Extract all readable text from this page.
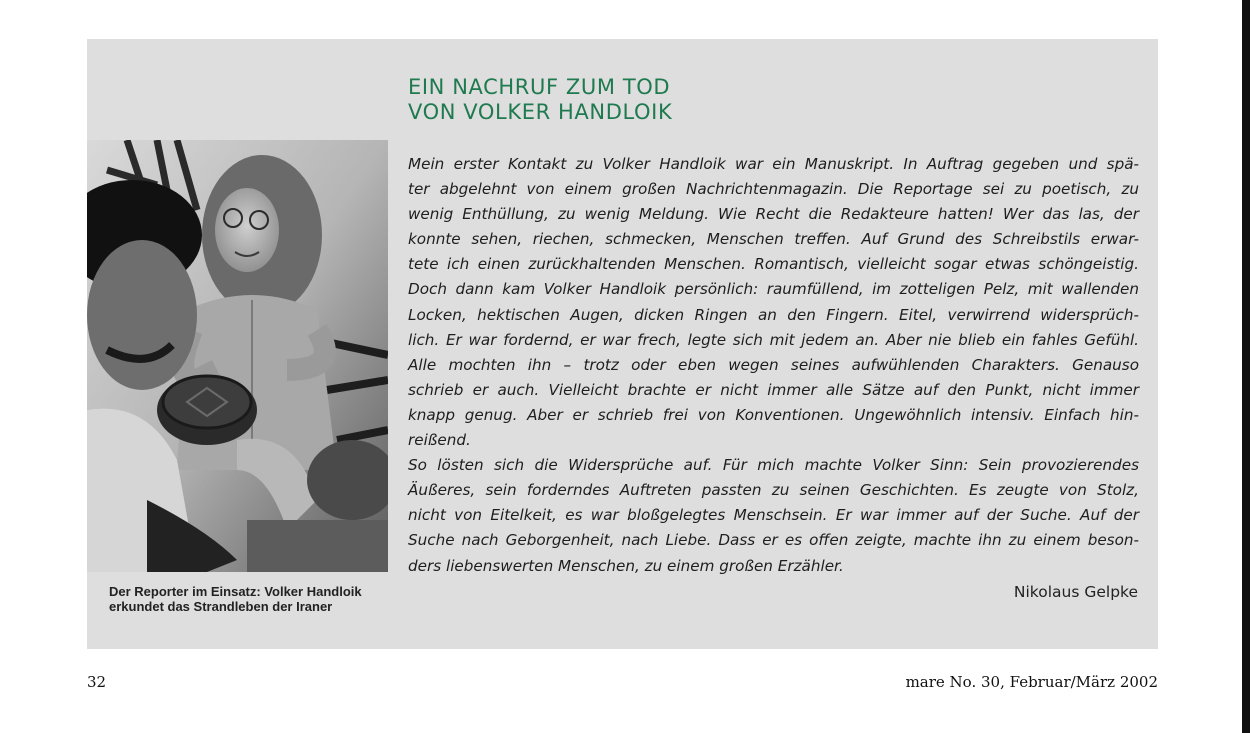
EIN NACHRUF ZUM TOD
VON VOLKER HANDLOIK
Der Reporter im Einsatz: Volker Handloik
erkundet das Strandleben der Iraner
Mein erster Kontakt zu Volker Handloik war ein Manuskript. In Auftrag gegeben und spä-
ter abgelehnt von einem großen Nachrichtenmagazin. Die Reportage sei zu poetisch, zu
wenig Enthüllung, zu wenig Meldung. Wie Recht die Redakteure hatten! Wer das las, der
konnte sehen, riechen, schmecken, Menschen treffen. Auf Grund des Schreibstils erwar-
tete ich einen zurückhaltenden Menschen. Romantisch, vielleicht sogar etwas schöngeistig.
Doch dann kam Volker Handloik persönlich: raumfüllend, im zotteligen Pelz, mit wallenden
Locken, hektischen Augen, dicken Ringen an den Fingern. Eitel, verwirrend widersprüch-
lich. Er war fordernd, er war frech, legte sich mit jedem an. Aber nie blieb ein fahles Gefühl.
Alle mochten ihn – trotz oder eben wegen seines aufwühlenden Charakters. Genauso
schrieb er auch. Vielleicht brachte er nicht immer alle Sätze auf den Punkt, nicht immer
knapp genug. Aber er schrieb frei von Konventionen. Ungewöhnlich intensiv. Einfach hin-
reißend.
So lösten sich die Widersprüche auf. Für mich machte Volker Sinn: Sein provozierendes
Äußeres, sein forderndes Auftreten passten zu seinen Geschichten. Es zeugte von Stolz,
nicht von Eitelkeit, es war bloßgelegtes Menschsein. Er war immer auf der Suche. Auf der
Suche nach Geborgenheit, nach Liebe. Dass er es offen zeigte, machte ihn zu einem beson-
ders liebenswerten Menschen, zu einem großen Erzähler.
Nikolaus Gelpke
32	mare No. 30, Februar/März 2002
